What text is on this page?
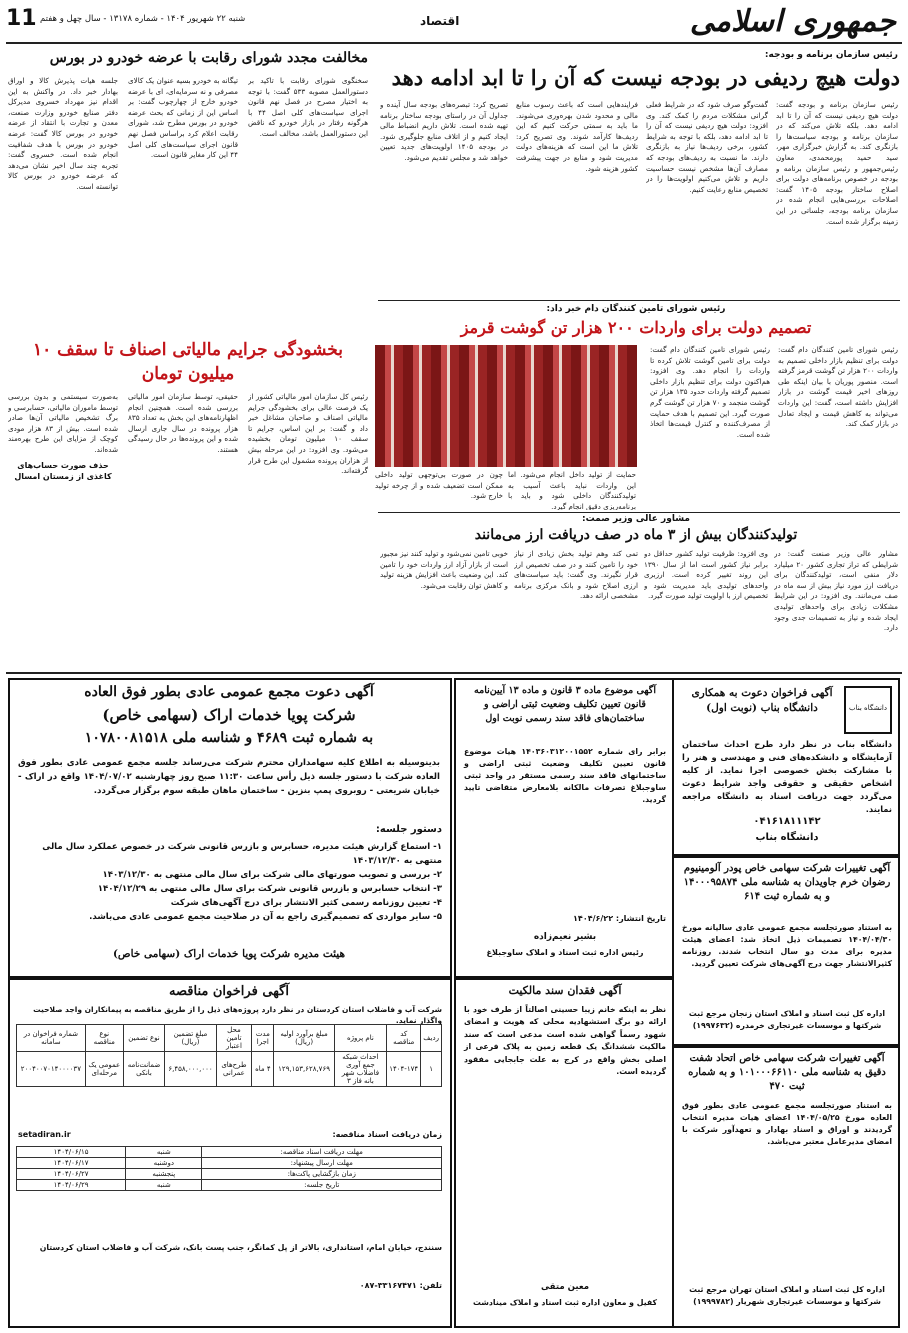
جمهوری اسلامی
اقتصاد
شنبه ۲۲ شهریور ۱۴۰۴ - شماره ۱۳۱۷۸ - سال چهل و هفتم
11
رئیس سازمان برنامه و بودجه:
دولت هیچ ردیفی در بودجه نیست که آن را تا ابد ادامه دهد
رئیس سازمان برنامه و بودجه گفت: دولت هیچ ردیفی نیست که آن را تا ابد ادامه دهد. بلکه تلاش می‌کند که در سازمان برنامه و بودجه سیاست‌ها را بازنگری کند. به گزارش خبرگزاری مهر، سید حمید پورمحمدی، معاون رئیس‌جمهور و رئیس سازمان برنامه و بودجه در خصوص برنامه‌های دولت برای اصلاح ساختار بودجه ۱۴۰۵ گفت: اصلاحات بررسی‌هایی انجام شده در سازمان برنامه بودجه، جلساتی در این زمینه برگزار شده است.
گفت‌وگو صرف شود که در شرایط فعلی گرانی مشکلات مردم را کمک کند. وی افزود: دولت هیچ ردیفی نیست که آن را تا ابد ادامه دهد، بلکه با توجه به شرایط کشور، برخی ردیف‌ها نیاز به بازنگری دارند. ما نسبت به ردیف‌های بودجه که مصارف آن‌ها مشخص نیست حساسیت داریم و تلاش می‌کنیم اولویت‌ها را در تخصیص منابع رعایت کنیم.
فرایندهایی است که باعث رسوب منابع مالی و محدود شدن بهره‌وری می‌شوند. ما باید به سمتی حرکت کنیم که این ردیف‌ها کارآمد شوند. وی تصریح کرد: تلاش ما این است که هزینه‌های دولت مدیریت شود و منابع در جهت پیشرفت کشور هزینه شود.
تصریح کرد: تبصره‌های بودجه سال آینده و جداول آن در راستای بودجه ساختار برنامه تهیه شده است. تلاش داریم انضباط مالی ایجاد کنیم و از اتلاف منابع جلوگیری شود. در بودجه ۱۴۰۵ اولویت‌های جدید تعیین خواهد شد و مجلس تقدیم می‌شود.
رئیس شورای تامین کنندگان دام خبر داد:
تصمیم دولت برای واردات ۲۰۰ هزار تن گوشت قرمز
رئیس شورای تامین کنندگان دام گفت: دولت برای تنظیم بازار داخلی تصمیم به واردات ۲۰۰ هزار تن گوشت قرمز گرفته است. منصور پوریان با بیان اینکه طی روزهای اخیر قیمت گوشت در بازار افزایش داشته است، گفت: این واردات می‌تواند به کاهش قیمت و ایجاد تعادل در بازار کمک کند.
رئیس شورای تامین کنندگان دام گفت: دولت برای تامین گوشت تلاش کرده تا واردات را انجام دهد. وی افزود: هم‌اکنون دولت برای تنظیم بازار داخلی تصمیم گرفته واردات حدود ۱۳۵ هزار تن گوشت منجمد و ۷۰ هزار تن گوشت گرم صورت گیرد. این تصمیم با هدف حمایت از مصرف‌کننده و کنترل قیمت‌ها اتخاذ شده است.
حمایت از تولید داخل انجام می‌شود. اما این واردات نباید باعث آسیب به تولیدکنندگان داخلی شود و باید با برنامه‌ریزی دقیق انجام گیرد.
چون در صورت بی‌توجهی تولید داخلی ممکن است تضعیف شده و از چرخه تولید خارج شود.
مشاور عالی وزیر صمت:
تولیدکنندگان بیش از ۳ ماه در صف دریافت ارز می‌مانند
مشاور عالی وزیر صنعت گفت: در شرایطی که تراز تجاری کشور ۲۰ میلیارد دلار منفی است، تولیدکنندگان برای دریافت ارز مورد نیاز بیش از سه ماه در صف می‌مانند. وی افزود: در این شرایط مشکلات زیادی برای واحدهای تولیدی ایجاد شده و نیاز به تصمیمات جدی وجود دارد.
وی افزود: ظرفیت تولید کشور حداقل دو برابر نیاز کشور است اما از سال ۱۳۹۰ این روند تغییر کرده است. ارزبری واحدهای تولیدی باید مدیریت شود و تخصیص ارز با اولویت تولید صورت گیرد.
تمی کند وهم تولید بخش زیادی از نیاز خود را تامین کنند و در صف تخصیص ارز قرار نگیرند. وی گفت: باید سیاست‌های ارزی اصلاح شود و بانک مرکزی برنامه مشخصی ارائه دهد.
خوبی تامین نمی‌شود و تولید کنند نیز مجبور است از بازار آزاد ارز واردات خود را تامین کند. این وضعیت باعث افزایش هزینه تولید و کاهش توان رقابت می‌شود.
مخالفت مجدد شورای رقابت با عرضه خودرو در بورس
جلسه هیات پذیرش کالا و اوراق بهادار خبر داد. در واکنش به این اقدام نیز مهرداد خسروی مدیرکل دفتر صنایع خودرو وزارت صنعت، معدن و تجارت با انتقاد از عرضه خودرو در بورس کالا گفت: عرضه خودرو در بورس با هدف شفافیت انجام شده است. خسروی گفت: تجربه چند سال اخیر نشان می‌دهد که عرضه خودرو در بورس کالا توانسته است.
تیگانه به خودرو بسیه عنوان یک کالای مصرفی و نه سرمایه‌ای، ای با عرضه خودرو خارج از چهارچوب گفت: بر اساس این از زمانی که بحث عرضه خودرو در بورس مطرح شد، شورای رقابت اعلام کرد براساس فصل نهم قانون اجرای سیاست‌های کلی اصل ۴۴ این کار مغایر قانون است.
سخنگوی شورای رقابت با تاکید بر دستورالعمل مصوبه ۵۳۳ گفت: با توجه به اختیار مصرح در فصل نهم قانون اجرای سیاست‌های کلی اصل ۴۴ با هرگونه رفتار در بازار خودرو که ناقض این دستورالعمل باشد، مخالف است.
بخشودگی جرایم مالیاتی اصناف تا سقف ۱۰ میلیون تومان
رئیس کل سازمان امور مالیاتی کشور از یک فرصت عالی برای بخشودگی جرایم مالیاتی اصناف و صاحبان مشاغل خبر داد و گفت: بر این اساس، جرایم تا سقف ۱۰ میلیون تومان بخشیده می‌شود. وی افزود: در این مرحله بیش از هزاران پرونده مشمول این طرح قرار گرفته‌اند.
حقیقی، توسط سازمان امور مالیاتی بررسی شده است. همچنین انجام اظهارنامه‌های این بخش به تعداد ۸۳۵ هزار پرونده در سال جاری ارسال شده و این پرونده‌ها در حال رسیدگی هستند.
به‌صورت سیستمی و بدون بررسی توسط ماموران مالیاتی، حسابرسی و برگ تشخیص مالیاتی آن‌ها صادر شده است. بیش از ۸۳ هزار مودی کوچک از مزایای این طرح بهره‌مند شده‌اند.
حذف صورت حساب‌های کاغذی از زمستان امسال
دانشگاه بناب
آگهی فراخوان دعوت به همکاری دانشگاه بناب (نوبت اول)
دانشگاه بناب در نظر دارد طرح احداث ساختمان آزمایشگاه و دانشکده‌های فنی و مهندسی و هنر را با مشارکت بخش خصوصی اجرا نماید. از کلیه اشخاص حقیقی و حقوقی واجد شرایط دعوت می‌گردد جهت دریافت اسناد به دانشگاه مراجعه نمایند.
۰۴۱۶۱۸۱۱۱۴۲
دانشگاه بناب
آگهی تغییرات شرکت سهامی خاص پودر آلومینیوم رضوان خرم جاویدان به شناسه ملی ۱۴۰۰۰۹۵۸۷۴ و به شماره ثبت ۶۱۴
به استناد صورتجلسه مجمع عمومی عادی سالیانه مورخ ۱۴۰۴/۰۴/۳۰ تصمیمات ذیل اتخاذ شد: اعضای هیئت مدیره برای مدت دو سال انتخاب شدند. روزنامه کثیرالانتشار جهت درج آگهی‌های شرکت تعیین گردید.
اداره کل ثبت اسناد و املاک استان زنجان مرجع ثبت شرکتها و موسسات غیرتجاری خرمدره (۱۹۹۷۶۳۲)
آگهی تغییرات شرکت سهامی خاص اتحاد شفت دقیق به شناسه ملی ۱۰۱۰۰۰۶۶۱۱۰ و به شماره ثبت ۴۷۰
به استناد صورتجلسه مجمع عمومی عادی بطور فوق العاده مورخ ۱۴۰۴/۰۵/۲۵ اعضای هیات مدیره انتخاب گردیدند و اوراق و اسناد بهادار و تعهدآور شرکت با امضای مدیرعامل معتبر می‌باشد.
اداره کل ثبت اسناد و املاک استان تهران مرجع ثبت شرکتها و موسسات غیرتجاری شهریار (۱۹۹۹۷۸۲)
آگهی موضوع ماده ۳ قانون و ماده ۱۳ آیین‌نامه قانون تعیین تکلیف وضعیت ثبتی اراضی و ساختمان‌های فاقد سند رسمی نوبت اول
برابر رای شماره ۱۴۰۳۶۰۳۱۲۰۰۱۵۵۲ هیات موضوع قانون تعیین تکلیف وضعیت ثبتی اراضی و ساختمانهای فاقد سند رسمی مستقر در واحد ثبتی ساوجبلاغ تصرفات مالکانه بلامعارض متقاضی تایید گردید.
تاریخ انتشار: ۱۴۰۴/۶/۲۲
بشیر نعیم‌زاده
رئیس اداره ثبت اسناد و املاک ساوجبلاغ
آگهی دعوت مجمع عمومی عادی بطور فوق العاده
شرکت پویا خدمات اراک (سهامی خاص)
به شماره ثبت ۴۶۸۹ و شناسه ملی ۱۰۷۸۰۰۸۱۵۱۸
بدینوسیله به اطلاع کلیه سهامداران محترم شرکت می‌رساند جلسه مجمع عمومی عادی بطور فوق العاده شرکت با دستور جلسه ذیل رأس ساعت ۱۱:۳۰ صبح روز چهارشنبه ۱۴۰۴/۰۷/۰۲ واقع در اراک - خیابان شریعتی - روبروی پمپ بنزین - ساختمان ماهان طبقه سوم برگزار می‌گردد.
دستور جلسه:
۱- استماع گزارش هیئت مدیره، حسابرس و بازرس قانونی شرکت در خصوص عملکرد سال مالی منتهی به ۱۴۰۳/۱۲/۳۰
۲- بررسی و تصویب صورتهای مالی شرکت برای سال مالی منتهی به ۱۴۰۳/۱۲/۳۰
۳- انتخاب حسابرس و بازرس قانونی شرکت برای سال مالی منتهی به ۱۴۰۴/۱۲/۲۹
۴- تعیین روزنامه رسمی کثیر الانتشار برای درج آگهی‌های شرکت
۵- سایر مواردی که تصمیم‌گیری راجع به آن در صلاحیت مجمع عمومی عادی می‌باشد.
هیئت مدیره شرکت پویا خدمات اراک (سهامی خاص)
آگهی فقدان سند مالکیت
نظر به اینکه خانم زیبا حسینی اصالتاً از طرف خود با ارائه دو برگ استشهادیه محلی که هویت و امضای شهود رسماً گواهی شده است مدعی است که سند مالکیت ششدانگ یک قطعه زمین به پلاک فرعی از اصلی بخش واقع در کرج به علت جابجایی مفقود گردیده است.
معین متقی
کفیل و معاون اداره ثبت اسناد و املاک مینادشت
آگهی فراخوان مناقصه
شرکت آب و فاضلاب استان کردستان در نظر دارد پروژه‌های ذیل را از طریق مناقصه به پیمانکاران واجد صلاحیت واگذار نماید.
ردیف	کد مناقصه	نام پروژه	مبلغ برآورد اولیه (ریال)	مدت اجرا	محل تامین اعتبار	مبلغ تضمین (ریال)	نوع تضمین	نوع مناقصه	شماره فراخوان در سامانه
۱	۱۴۰۴-۱۷۴	احداث شبکه جمع آوری فاضلاب شهر بانه فاز ۳	۱۲۹,۱۵۳,۶۲۸,۷۶۹	۴ ماه	طرح‌های عمرانی	۶,۴۵۸,۰۰۰,۰۰۰	ضمانت‌نامه بانکی	عمومی یک مرحله‌ای	۲۰۰۴۰۰۷۰۱۴۰۰۰۰۳۷
زمان دریافت اسناد مناقصه:
setadiran.ir
مهلت دریافت اسناد مناقصه:	شنبه	۱۴۰۴/۰۶/۱۵
مهلت ارسال پیشنهاد:	دوشنبه	۱۴۰۴/۰۶/۱۷
زمان بازگشایی پاکت‌ها:	پنجشنبه	۱۴۰۴/۰۶/۲۷
تاریخ جلسه:	شنبه	۱۴۰۴/۰۶/۲۹
سنندج، خیابان امام، استانداری، بالاتر از پل کمانگر، جنب پست بانک، شرکت آب و فاضلاب استان کردستان
تلفن: ۳۳۱۶۷۴۷۱-۰۸۷
